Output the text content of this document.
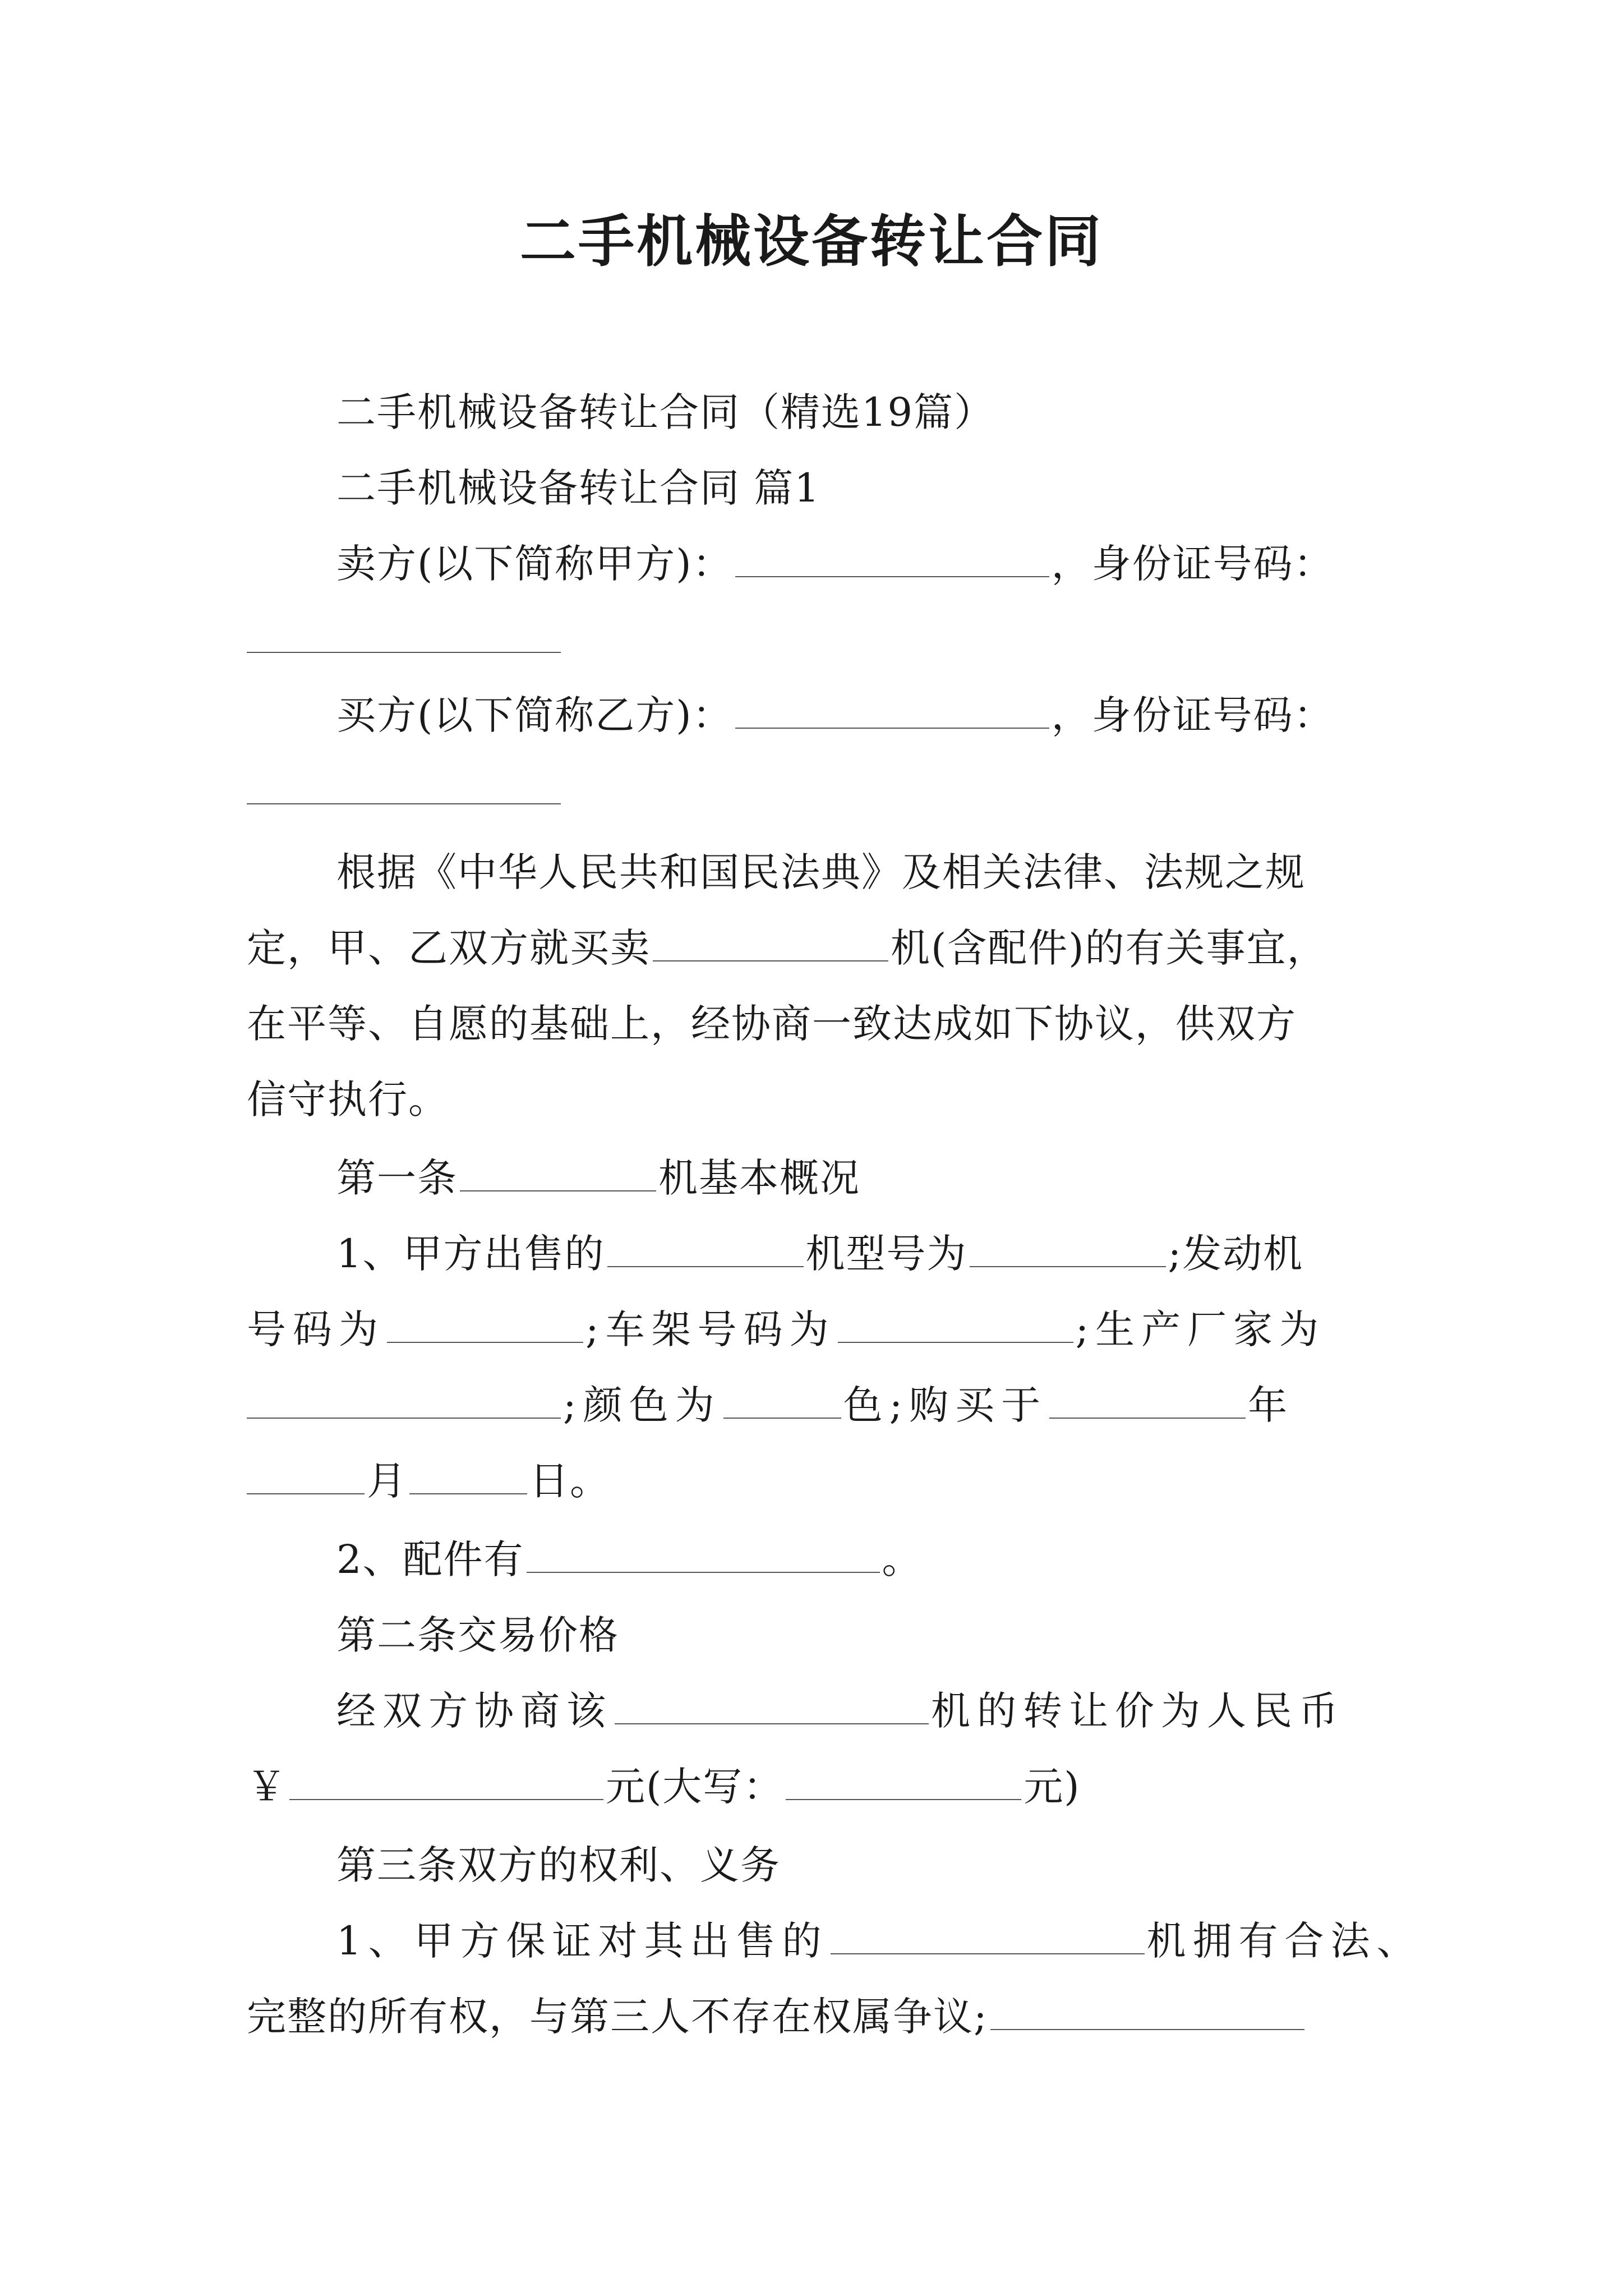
二手机械设备转让合同
二手机械设备转让合同（精选19篇）
二手机械设备转让合同 篇1
卖方(以下简称甲方)：	，身份证号码：
买方(以下简称乙方)：	，身份证号码：
根据《中华人民共和国民法典》及相关法律、法规之规
定，甲、乙双方就买卖	机(含配件)的有关事宜，
在平等、自愿的基础上，经协商一致达成如下协议，供双方
信守执行。
第一条	机基本概况
1、甲方出售的	机型号为	;发动机
号码为	;车架号码为	;生产厂家为
;颜色为	色;购买于	年
月	日。
2、配件有	。
第二条交易价格
经双方协商该	机的转让价为人民币
￥	元(大写：	元)
第三条双方的权利、义务
1、甲方保证对其出售的	机拥有合法、
完整的所有权，与第三人不存在权属争议;
